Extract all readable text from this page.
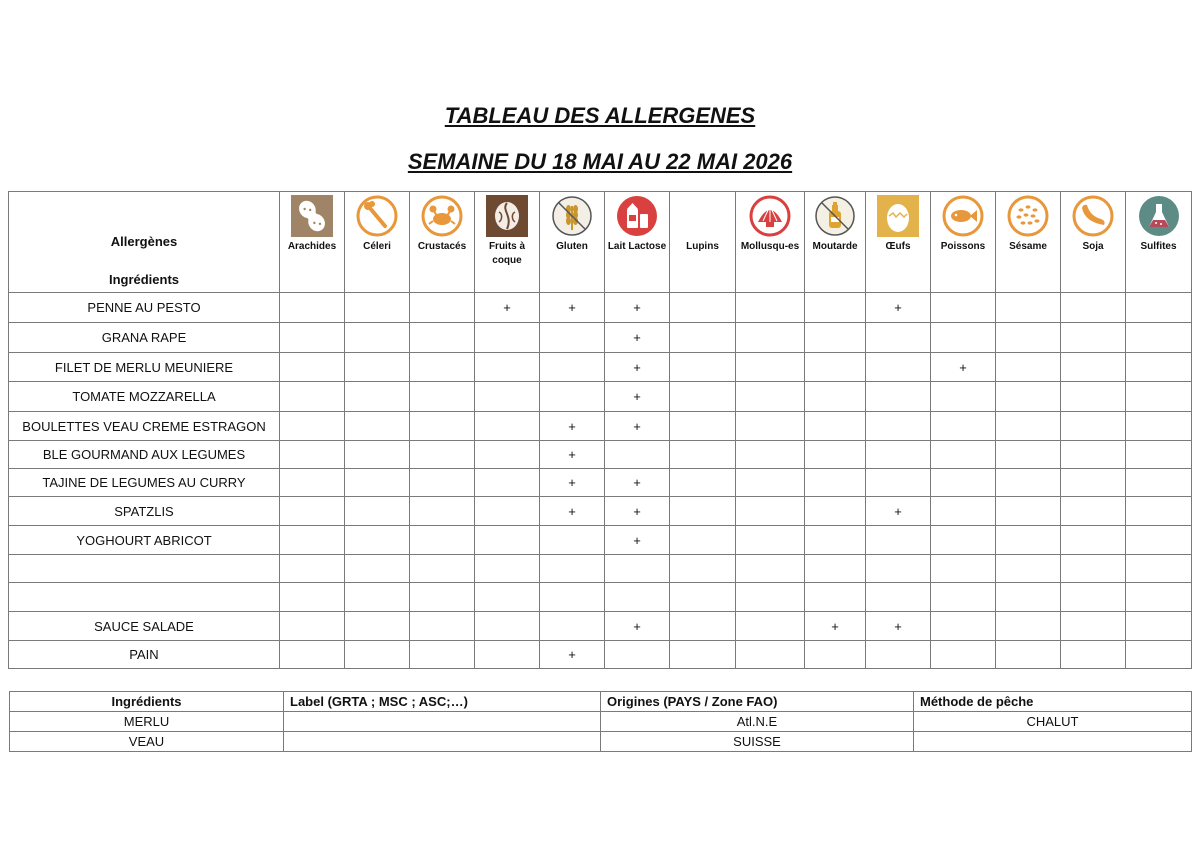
TABLEAU DES ALLERGENES
SEMAINE DU 18 MAI AU 22 MAI 2026
Allergènes
Ingrédients	Arachides	Céleri	Crustacés	Fruits à coque	Gluten	Lait Lactose	Lupins	Mollusqu-es	Moutarde	Œufs	Poissons	Sésame	Soja	Sulfites

PENNE AU PESTO				+	+	+				+				
GRANA RAPE						+								
FILET DE MERLU MEUNIERE						+					+			
TOMATE MOZZARELLA						+								
BOULETTES VEAU CREME ESTRAGON					+	+								
BLE GOURMAND AUX LEGUMES					+									
TAJINE DE LEGUMES AU CURRY					+	+								
SPATZLIS					+	+				+				
YOGHOURT ABRICOT						+								

SAUCE SALADE						+			+	+				
PAIN					+									
Ingrédients	Label (GRTA ; MSC ; ASC;…)	Origines (PAYS / Zone FAO)	Méthode de pêche
MERLU		Atl.N.E	CHALUT
VEAU		SUISSE	
